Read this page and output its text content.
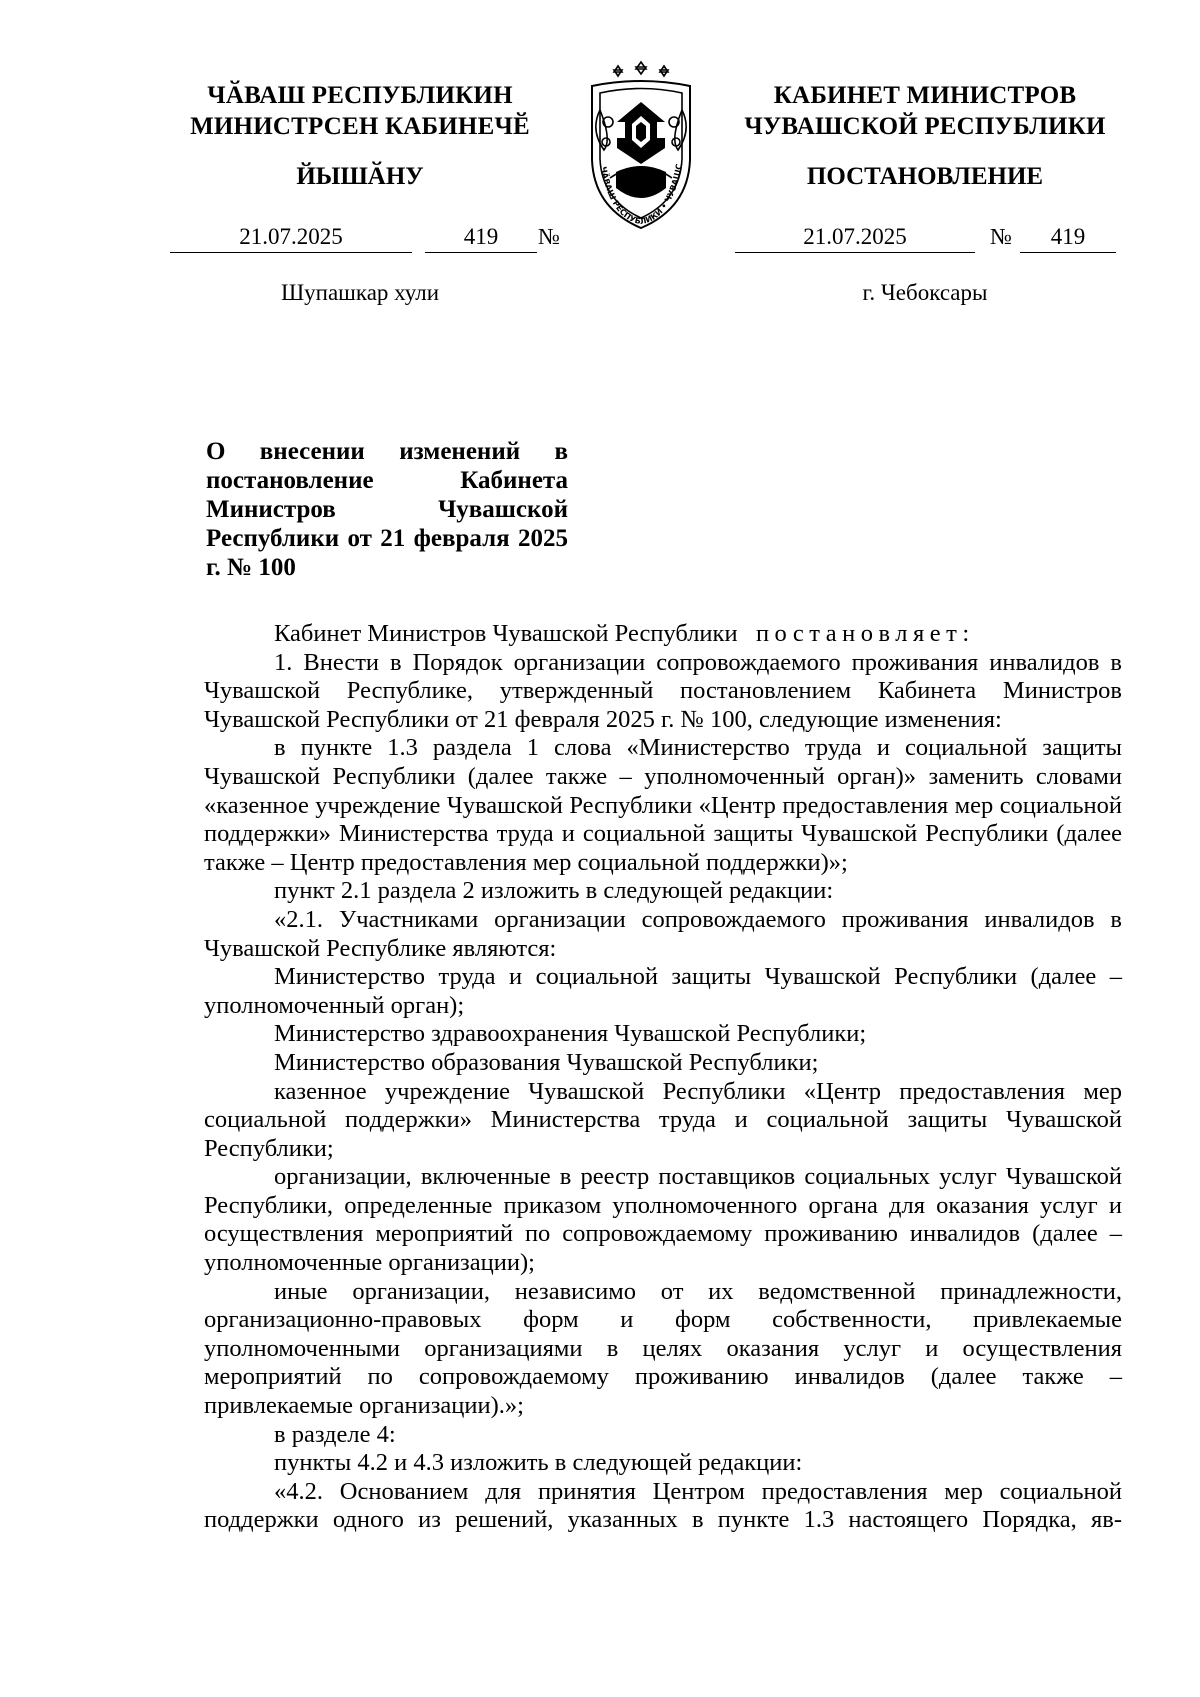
ЧӐВАШ РЕСПУБЛИКИН
МИНИСТРСЕН КАБИНЕЧӖ
ЙЫШӐНУ
21.07.2025	419	№
Шупашкар хули
ЧӐВАШ РЕСПУБЛИКИ • ЧУВАШС
КАБИНЕТ МИНИСТРОВ
ЧУВАШСКОЙ РЕСПУБЛИКИ
ПОСТАНОВЛЕНИЕ
21.07.2025	№	419
г. Чебоксары
О внесении изменений в постановление Кабинета Министров Чувашской Республики от 21 февраля 2025 г. № 100

Кабинет Министров Чувашской Республики постановляет:

1. Внести в Порядок организации сопровождаемого проживания инвалидов в Чувашской Республике, утвержденный постановлением Кабинета Министров Чувашской Республики от 21 февраля 2025 г. № 100, следующие изменения:

в пункте 1.3 раздела 1 слова «Министерство труда и социальной защиты Чувашской Республики (далее также – уполномоченный орган)» заменить словами «казенное учреждение Чувашской Республики «Центр предоставления мер социальной поддержки» Министерства труда и социальной защиты Чувашской Республики (далее также – Центр предоставления мер социальной поддержки)»;

пункт 2.1 раздела 2 изложить в следующей редакции:

«2.1. Участниками организации сопровождаемого проживания инвалидов в Чувашской Республике являются:

Министерство труда и социальной защиты Чувашской Республики (далее – уполномоченный орган);

Министерство здравоохранения Чувашской Республики;

Министерство образования Чувашской Республики;

казенное учреждение Чувашской Республики «Центр предоставления мер социальной поддержки» Министерства труда и социальной защиты Чувашской Республики;

организации, включенные в реестр поставщиков социальных услуг Чувашской Республики, определенные приказом уполномоченного органа для оказания услуг и осуществления мероприятий по сопровождаемому проживанию инвалидов (далее – уполномоченные организации);

иные организации, независимо от их ведомственной принадлежности, организационно-правовых форм и форм собственности, привлекаемые уполномоченными организациями в целях оказания услуг и осуществления мероприятий по сопровождаемому проживанию инвалидов (далее также – привлекаемые организации).»;

в разделе 4:

пункты 4.2 и 4.3 изложить в следующей редакции:

«4.2. Основанием для принятия Центром предоставления мер социальной поддержки одного из решений, указанных в пункте 1.3 настоящего Порядка, яв-
